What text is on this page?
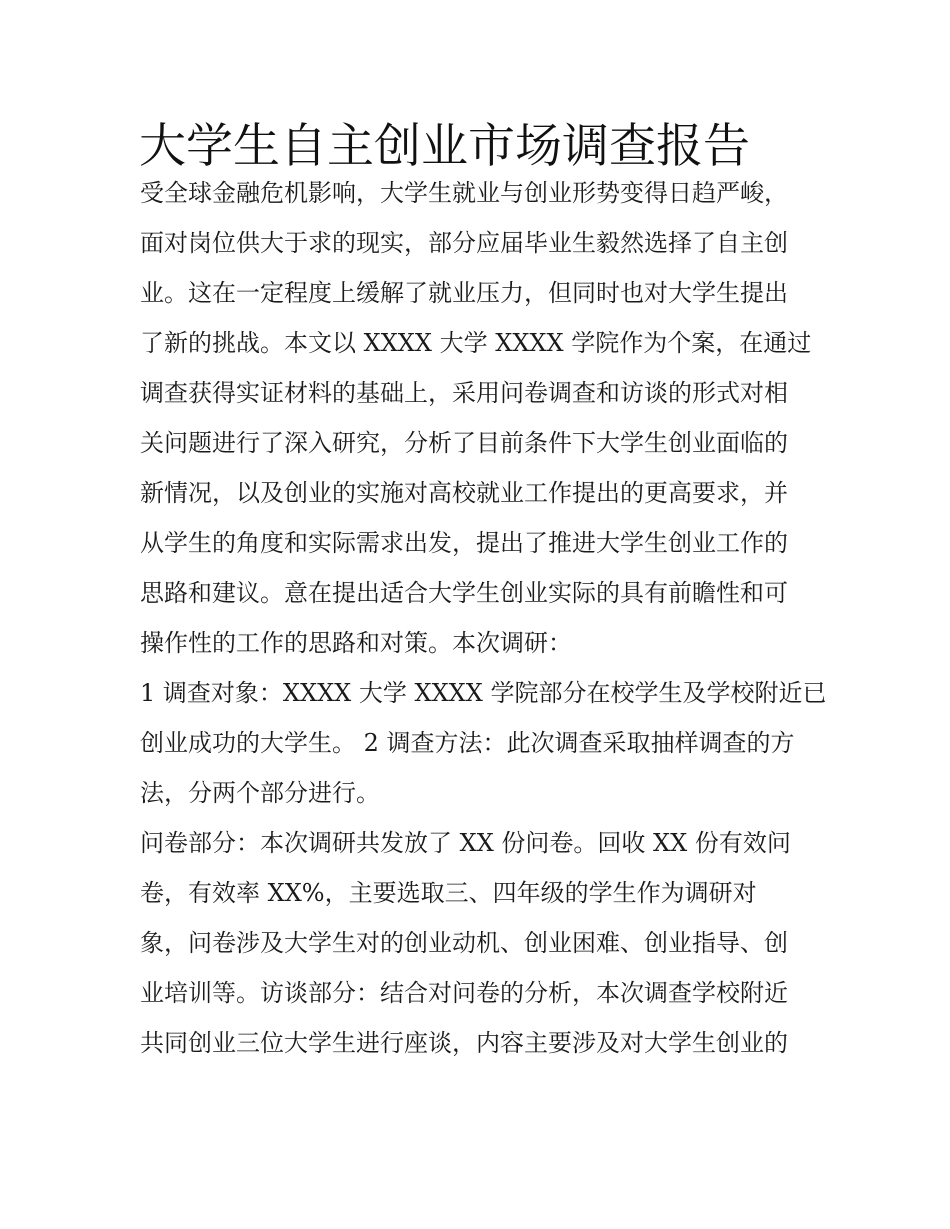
大学生自主创业市场调查报告

受全球金融危机影响，大学生就业与创业形势变得日趋严峻，

面对岗位供大于求的现实，部分应届毕业生毅然选择了自主创

业。这在一定程度上缓解了就业压力，但同时也对大学生提出

了新的挑战。本文以 XXXX 大学 XXXX 学院作为个案，在通过

调查获得实证材料的基础上，采用问卷调查和访谈的形式对相

关问题进行了深入研究，分析了目前条件下大学生创业面临的

新情况，以及创业的实施对高校就业工作提出的更高要求，并

从学生的角度和实际需求出发，提出了推进大学生创业工作的

思路和建议。意在提出适合大学生创业实际的具有前瞻性和可

操作性的工作的思路和对策。本次调研：

1 调查对象：XXXX 大学 XXXX 学院部分在校学生及学校附近已

创业成功的大学生。 2 调查方法：此次调查采取抽样调查的方

法，分两个部分进行。

问卷部分：本次调研共发放了 XX 份问卷。回收 XX 份有效问

卷，有效率 XX%，主要选取三、四年级的学生作为调研对

象，问卷涉及大学生对的创业动机、创业困难、创业指导、创

业培训等。访谈部分：结合对问卷的分析，本次调查学校附近

共同创业三位大学生进行座谈，内容主要涉及对大学生创业的
